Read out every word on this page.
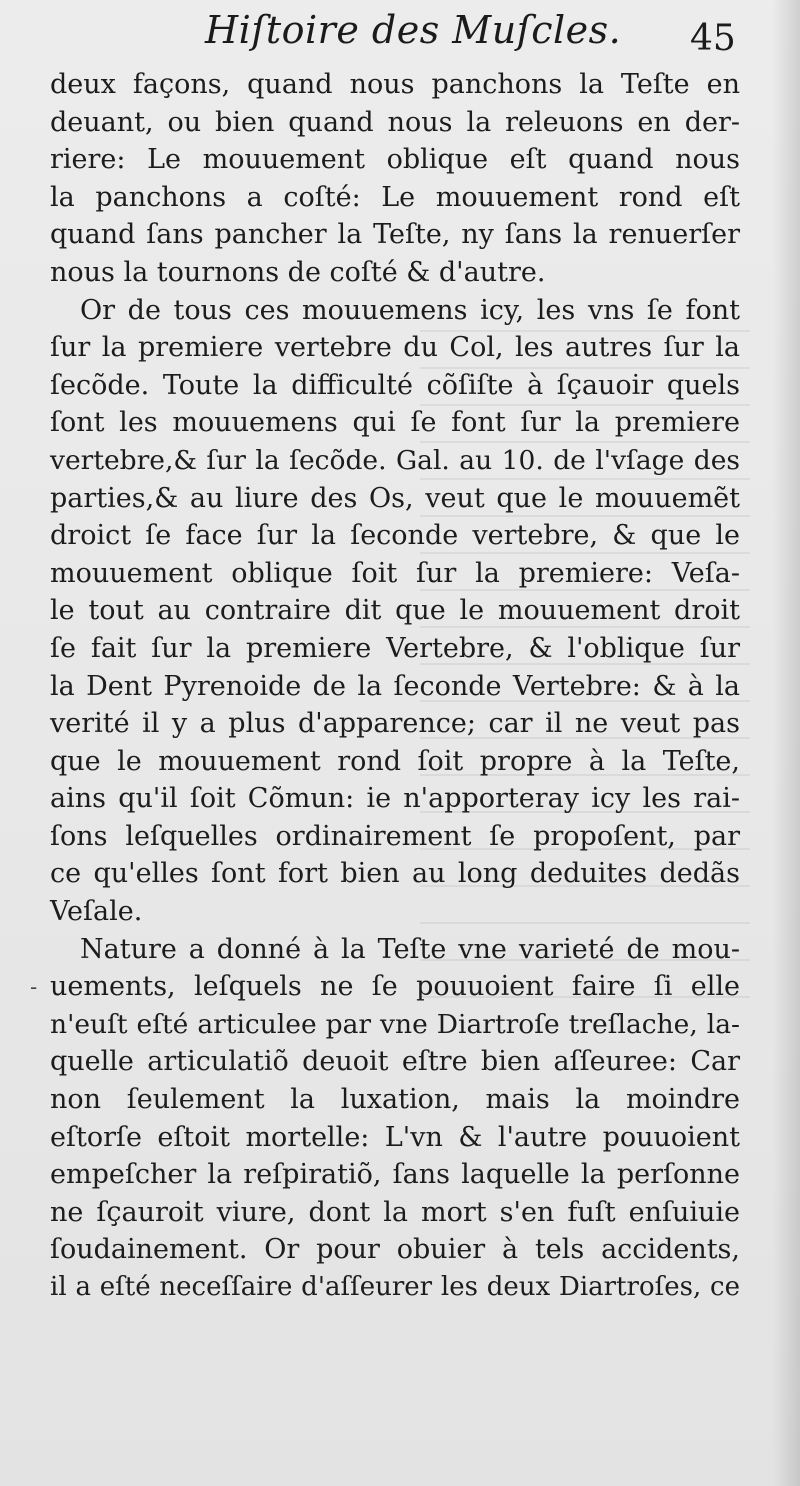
Hiſtoire des Muſcles. 45
-
deux façons, quand nous panchons la Teſte en
deuant, ou bien quand nous la releuons en der-
riere: Le mouuement oblique eſt quand nous
la panchons a coſté: Le mouuement rond eſt
quand ſans pancher la Teſte, ny ſans la renuerſer
nous la tournons de coſté & d'autre.
Or de tous ces mouuemens icy, les vns ſe font
ſur la premiere vertebre du Col, les autres ſur la
ſecõde. Toute la difficulté cõſiſte à ſçauoir quels
ſont les mouuemens qui ſe font ſur la premiere
vertebre,& ſur la ſecõde. Gal. au 10. de l'vſage des
parties,& au liure des Os, veut que le mouuemẽt
droict ſe face ſur la ſeconde vertebre, & que le
mouuement oblique ſoit ſur la premiere: Veſa-
le tout au contraire dit que le mouuement droit
ſe fait ſur la premiere Vertebre, & l'oblique ſur
la Dent Pyrenoide de la ſeconde Vertebre: & à la
verité il y a plus d'apparence; car il ne veut pas
que le mouuement rond ſoit propre à la Teſte,
ains qu'il ſoit Cõmun: ie n'apporteray icy les rai-
ſons leſquelles ordinairement ſe propoſent, par
ce qu'elles ſont fort bien au long deduites dedãs
Veſale.
Nature a donné à la Teſte vne varieté de mou-
uements, leſquels ne ſe pouuoient faire ſi elle
n'euſt eſté articulee par vne Diartroſe treſlache, la-
quelle articulatiõ deuoit eſtre bien aſſeuree: Car
non ſeulement la luxation, mais la moindre
eſtorſe eſtoit mortelle: L'vn & l'autre pouuoient
empeſcher la reſpiratiõ, ſans laquelle la perſonne
ne ſçauroit viure, dont la mort s'en fuſt enſuiuie
ſoudainement. Or pour obuier à tels accidents,
il a eſté neceſſaire d'aſſeurer les deux Diartroſes, ce
